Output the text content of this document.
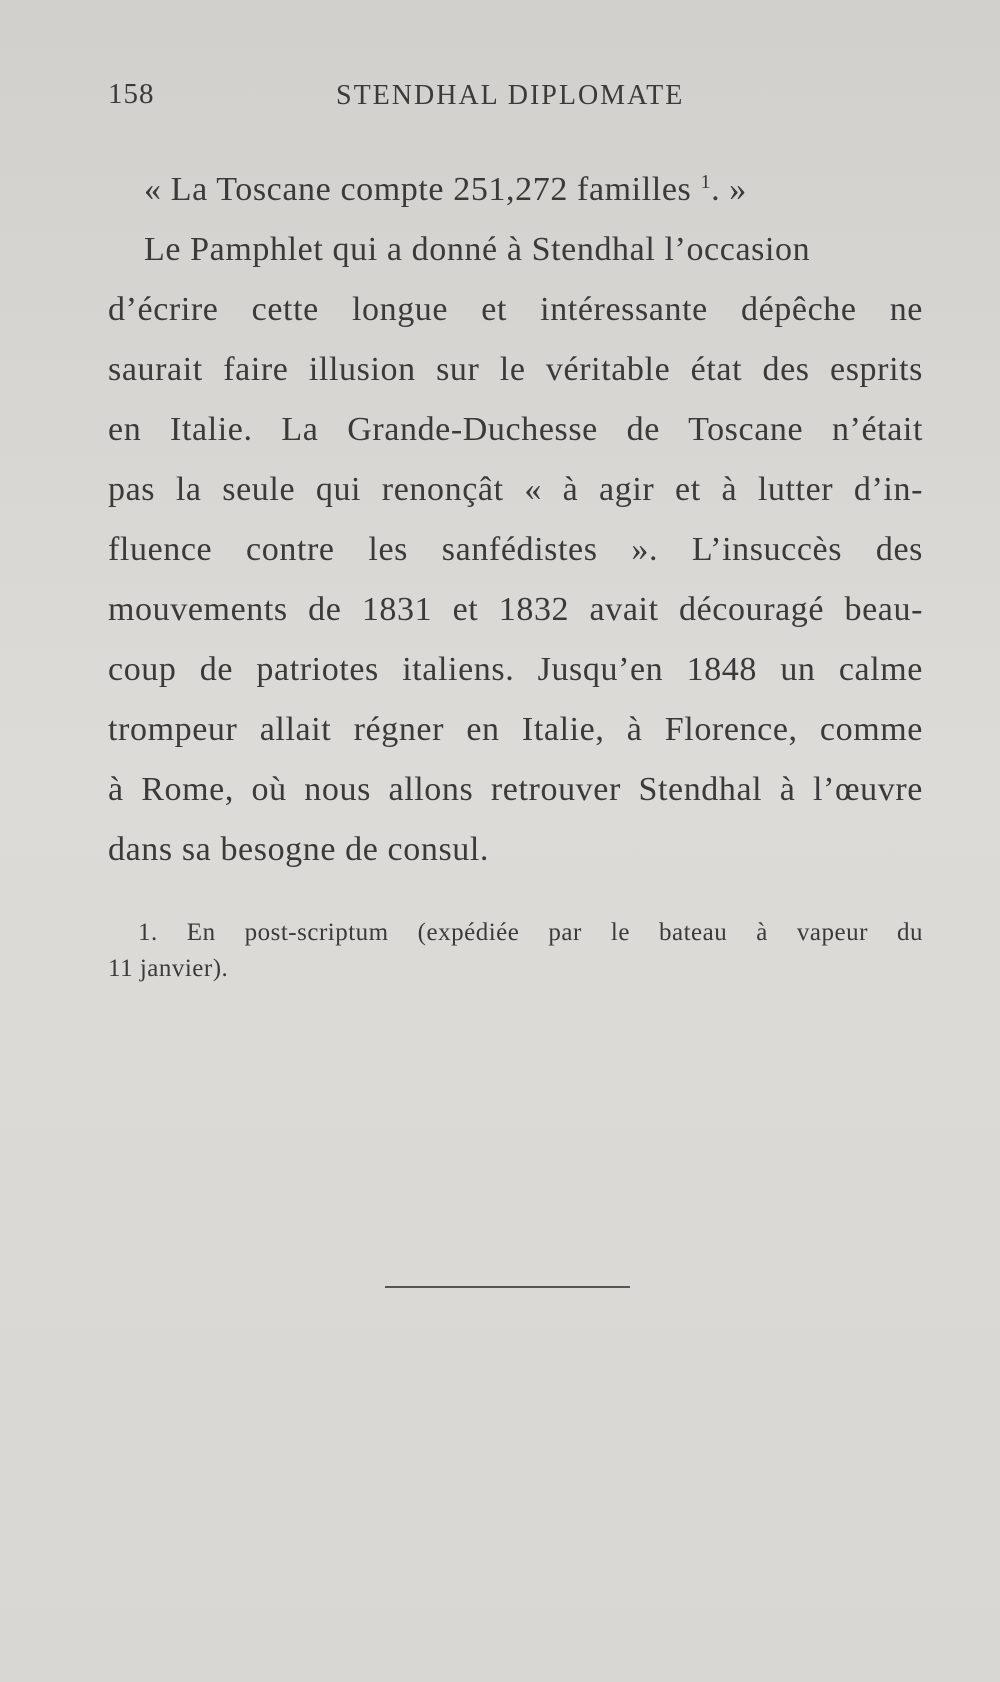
158	STENDHAL DIPLOMATE
« La Toscane compte 251,272 familles $^1$. »
Le Pamphlet qui a donné à Stendhal l’occasion
d’écrire cette longue et intéressante dépêche ne
saurait faire illusion sur le véritable état des esprits
en Italie. La Grande-Duchesse de Toscane n’était
pas la seule qui renonçât « à agir et à lutter d’in-
fluence contre les sanfédistes ». L’insuccès des
mouvements de 1831 et 1832 avait découragé beau-
coup de patriotes italiens. Jusqu’en 1848 un calme
trompeur allait régner en Italie, à Florence, comme
à Rome, où nous allons retrouver Stendhal à l’œuvre
dans sa besogne de consul.
1. En post-scriptum (expédiée par le bateau à vapeur du
11 janvier).
